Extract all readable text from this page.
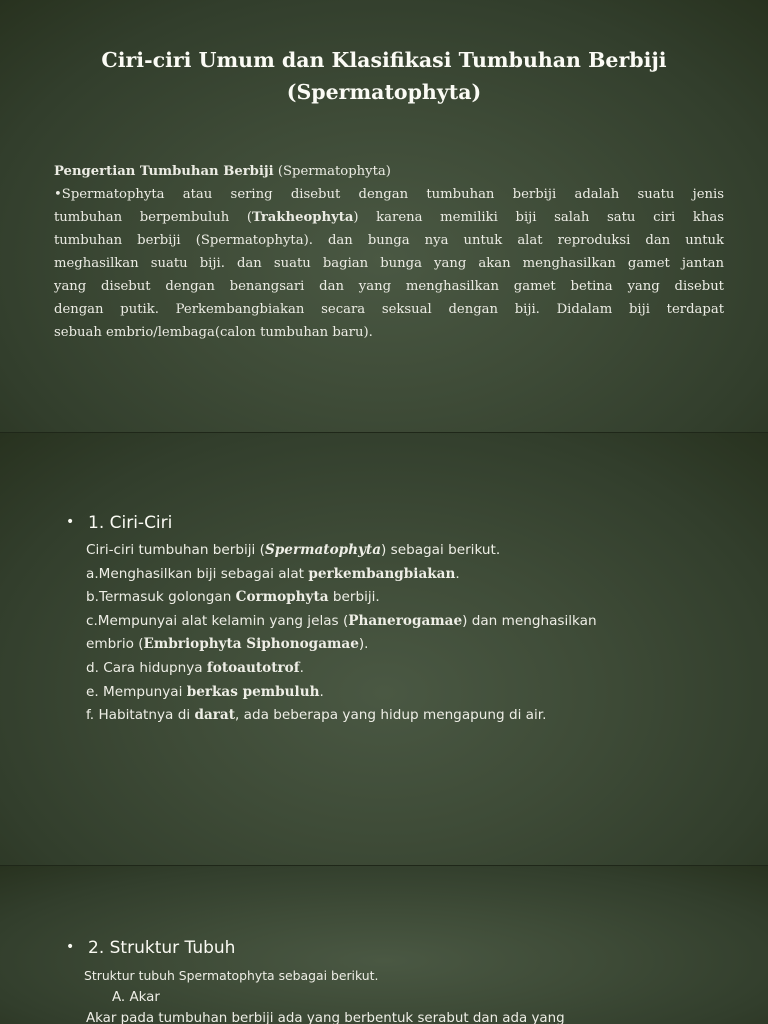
Ciri-ciri Umum dan Klasifikasi Tumbuhan Berbiji
(Spermatophyta)
Pengertian Tumbuhan Berbiji (Spermatophyta)
•Spermatophyta atau sering disebut dengan tumbuhan berbiji adalah suatu jenis
tumbuhan berpembuluh (Trakheophyta) karena memiliki biji salah satu ciri khas
tumbuhan berbiji (Spermatophyta). dan bunga nya untuk alat reproduksi dan untuk
meghasilkan suatu biji. dan suatu bagian bunga yang akan menghasilkan gamet jantan
yang disebut dengan benangsari dan yang menghasilkan gamet betina yang disebut
dengan putik. Perkembangbiakan secara seksual dengan biji. Didalam biji terdapat
sebuah embrio/lembaga(calon tumbuhan baru).
• 1. Ciri-Ciri
Ciri-ciri tumbuhan berbiji (Spermatophyta) sebagai berikut.
a.Menghasilkan biji sebagai alat perkembangbiakan.
b.Termasuk golongan Cormophyta berbiji.
c.Mempunyai alat kelamin yang jelas (Phanerogamae) dan menghasilkan
embrio (Embriophyta Siphonogamae).
d. Cara hidupnya fotoautotrof.
e. Mempunyai berkas pembuluh.
f. Habitatnya di darat, ada beberapa yang hidup mengapung di air.
• 2. Struktur Tubuh
Struktur tubuh Spermatophyta sebagai berikut.
A. Akar
Akar pada tumbuhan berbiji ada yang berbentuk serabut dan ada yang
